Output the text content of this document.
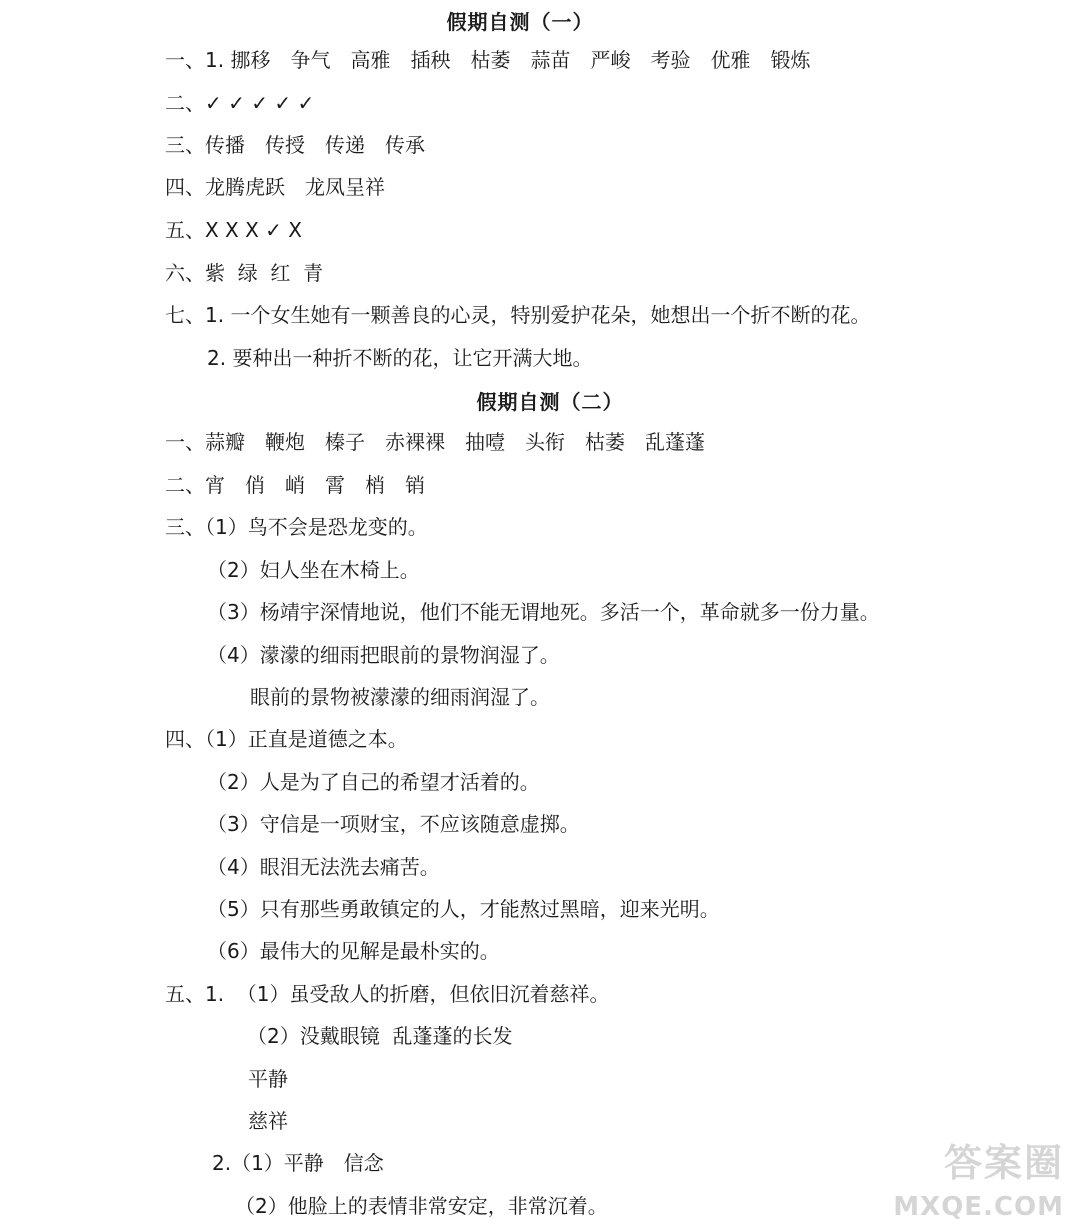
假期自测（一）
一、1. 挪移　争气　高雅　插秧　枯萎　蒜苗　严峻　考验　优雅　锻炼
二、✓ ✓ ✓ ✓ ✓
三、传播　传授　传递　传承
四、龙腾虎跃　龙凤呈祥
五、X X X ✓ X
六、紫  绿  红  青
七、1. 一个女生她有一颗善良的心灵，特别爱护花朵，她想出一个折不断的花。
2. 要种出一种折不断的花，让它开满大地。
假期自测（二）
一、蒜瓣　鞭炮　榛子　赤裸裸　抽噎　头衔　枯萎　乱蓬蓬
二、宵　俏　峭　霄　梢　销
三、（1）鸟不会是恐龙变的。
（2）妇人坐在木椅上。
（3）杨靖宇深情地说，他们不能无谓地死。多活一个，革命就多一份力量。
（4）濛濛的细雨把眼前的景物润湿了。
眼前的景物被濛濛的细雨润湿了。
四、（1）正直是道德之本。
（2）人是为了自己的希望才活着的。
（3）守信是一项财宝，不应该随意虚掷。
（4）眼泪无法洗去痛苦。
（5）只有那些勇敢镇定的人，才能熬过黑暗，迎来光明。
（6）最伟大的见解是最朴实的。
五、1.  （1）虽受敌人的折磨，但依旧沉着慈祥。
（2）没戴眼镜  乱蓬蓬的长发
平静
慈祥
2.（1）平静　信念
（2）他脸上的表情非常安定，非常沉着。
答案圈
MXQE.COM
